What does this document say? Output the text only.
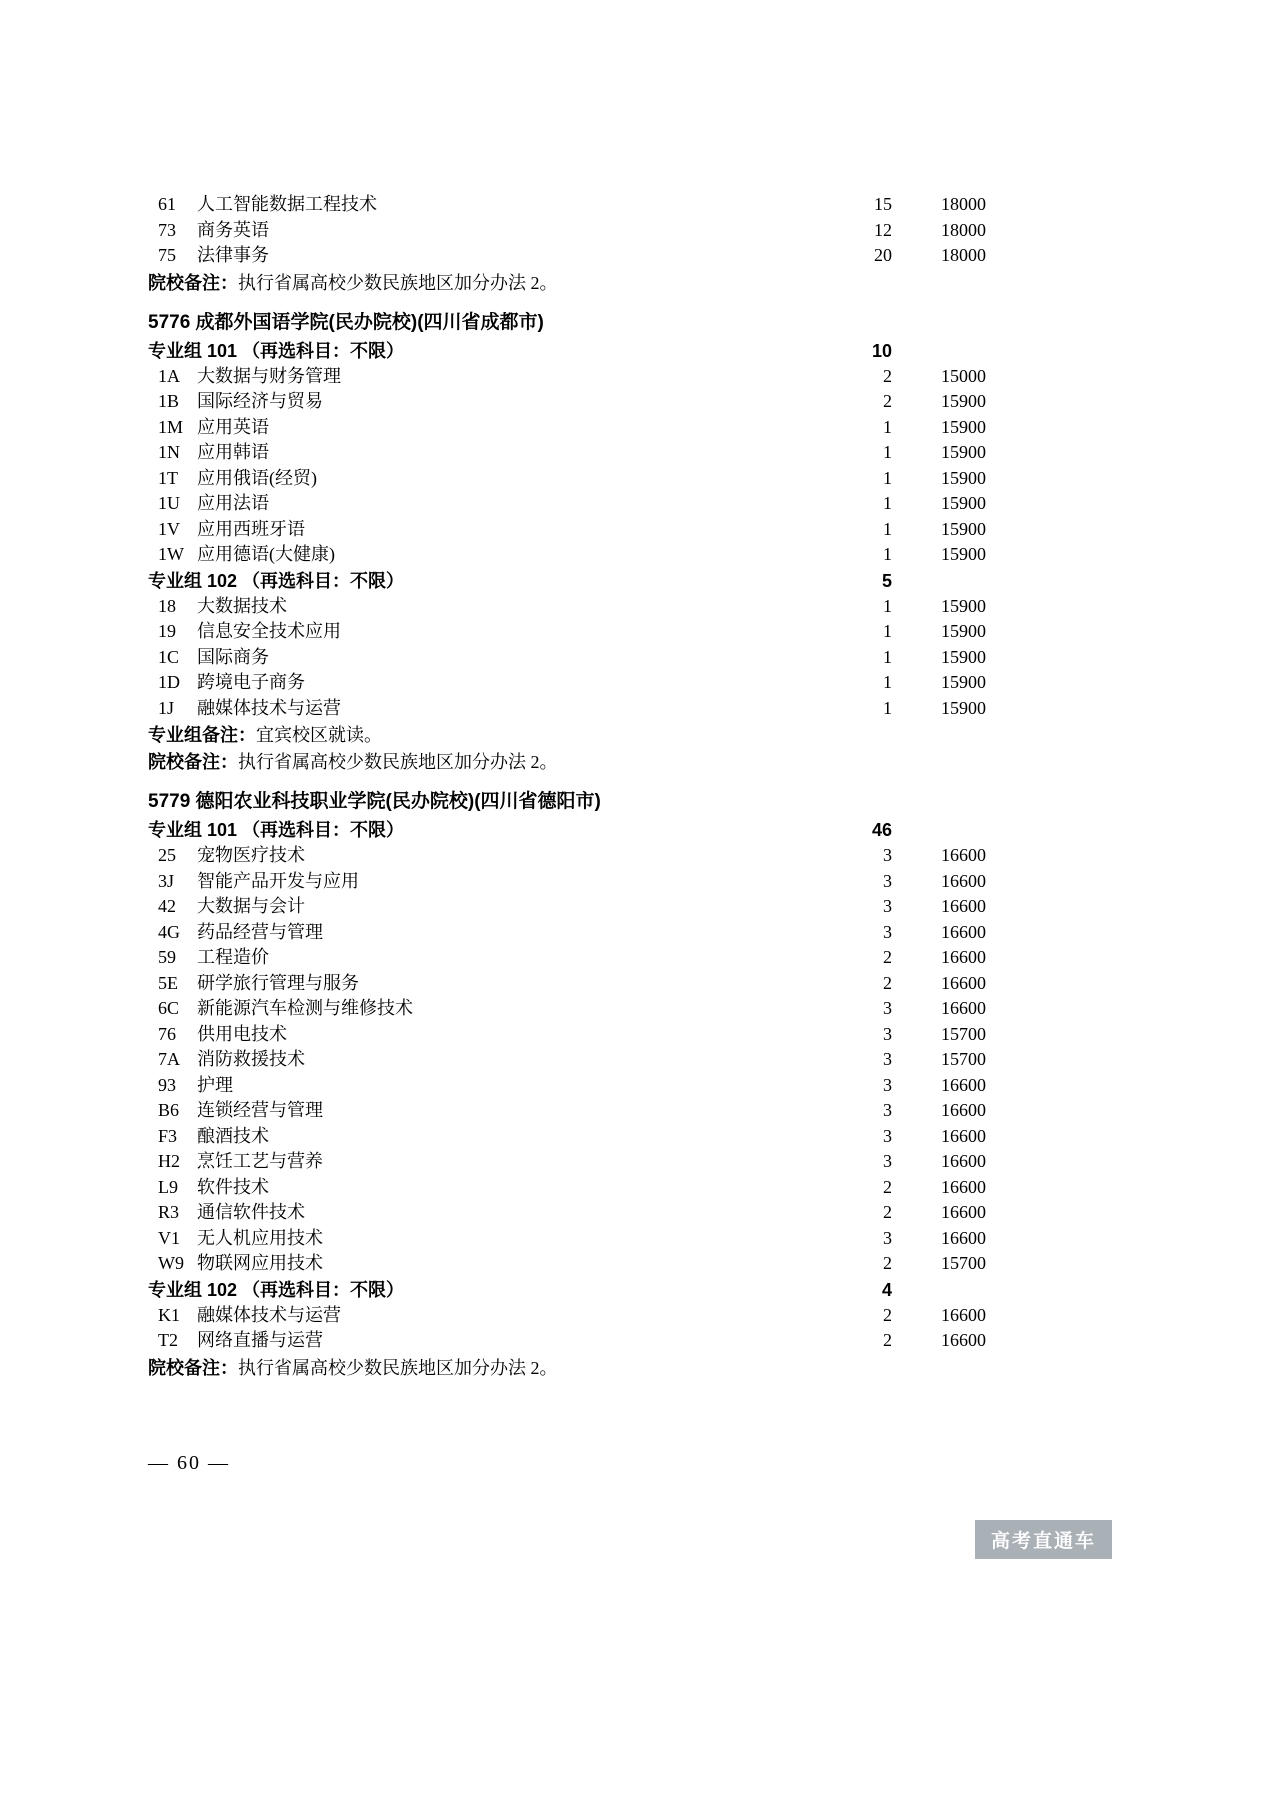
61	人工智能数据工程技术	15	18000
73	商务英语	12	18000
75	法律事务	20	18000
院校备注：执行省属高校少数民族地区加分办法 2。
5776 成都外国语学院(民办院校)(四川省成都市)
专业组 101 （再选科目：不限）	10
1A 大数据与财务管理	2	15000
1B 国际经济与贸易	2	15900
1M 应用英语	1	15900
1N 应用韩语	1	15900
1T	应用俄语(经贸)	1	15900
1U 应用法语	1	15900
1V 应用西班牙语	1	15900
1W 应用德语(大健康)	1	15900
专业组 102 （再选科目：不限）	5
18	大数据技术	1	15900
19	信息安全技术应用	1	15900
1C 国际商务	1	15900
1D 跨境电子商务	1	15900
1J	融媒体技术与运营	1	15900
专业组备注：宜宾校区就读。
院校备注：执行省属高校少数民族地区加分办法 2。
5779 德阳农业科技职业学院(民办院校)(四川省德阳市)
专业组 101 （再选科目：不限）	46
25	宠物医疗技术	3	16600
3J	智能产品开发与应用	3	16600
42	大数据与会计	3	16600
4G 药品经营与管理	3	16600
59	工程造价	2	16600
5E	研学旅行管理与服务	2	16600
6C 新能源汽车检测与维修技术	3	16600
76	供用电技术	3	15700
7A 消防救援技术	3	15700
93	护理	3	16600
B6 连锁经营与管理	3	16600
F3	酿酒技术	3	16600
H2 烹饪工艺与营养	3	16600
L9	软件技术	2	16600
R3 通信软件技术	2	16600
V1 无人机应用技术	3	16600
W9 物联网应用技术	2	15700
专业组 102 （再选科目：不限）	4
K1 融媒体技术与运营	2	16600
T2	网络直播与运营	2	16600
院校备注：执行省属高校少数民族地区加分办法 2。
— 60 —
高考直通车
